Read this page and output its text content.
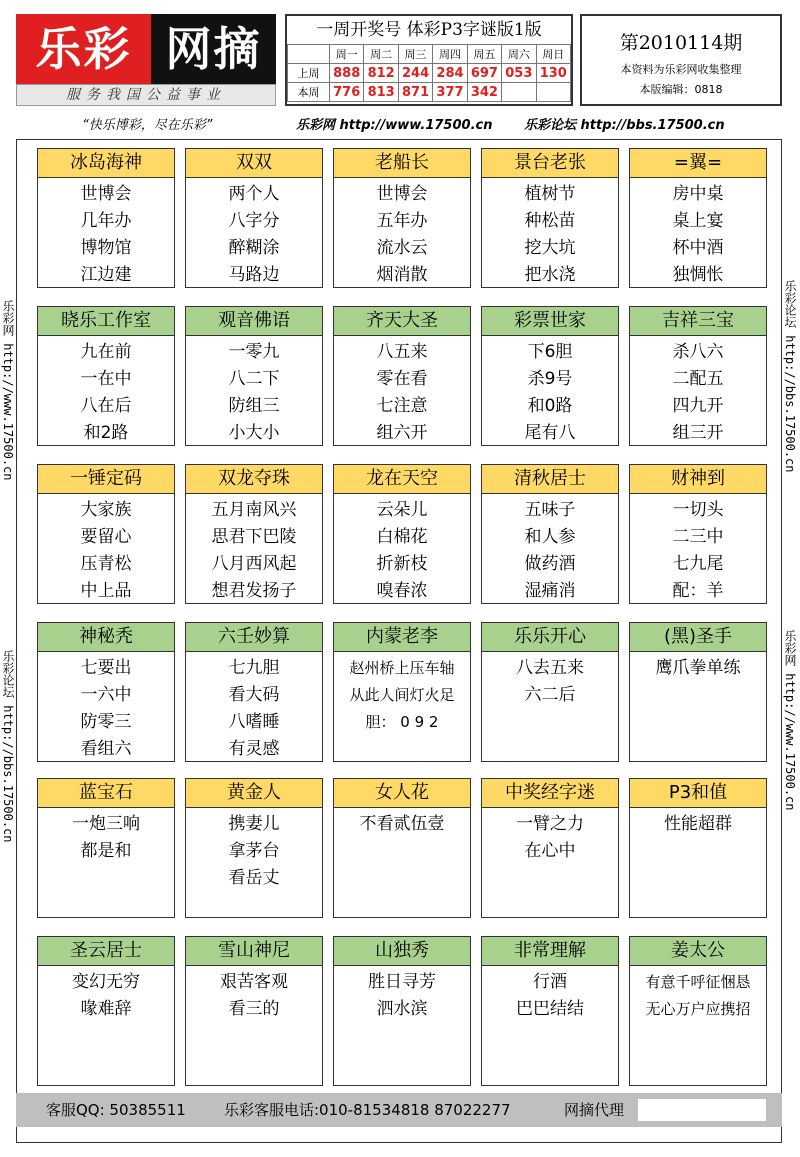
乐彩 网摘
服务我国公益事业
一周开奖号 体彩P3字谜版1版
	周一	周二	周三	周四	周五	周六	周日
上周	888	812	244	284	697	053	130
本周	776	813	871	377	342		
第2010114期
本资料为乐彩网收集整理
本版编辑：0818
“快乐博彩，尽在乐彩”	乐彩网 http://www.17500.cn 乐彩论坛 http://bbs.17500.cn
乐彩网 http://www.17500.cn
乐彩论坛 http://bbs.17500.cn
乐彩论坛 http://bbs.17500.cn
乐彩网 http://www.17500.cn
冰岛海神
世博会
几年办
博物馆
江边建
双双
两个人
八字分
醉糊涂
马路边
老船长
世博会
五年办
流水云
烟消散
景台老张
植树节
种松苗
挖大坑
把水浇
=翼=
房中桌
桌上宴
杯中酒
独惆怅
晓乐工作室
九在前
一在中
八在后
和2路
观音佛语
一零九
八二下
防组三
小大小
齐天大圣
八五来
零在看
七注意
组六开
彩票世家
下6胆
杀9号
和0路
尾有八
吉祥三宝
杀八六
二配五
四九开
组三开
一锤定码
大家族
要留心
压青松
中上品
双龙夺珠
五月南风兴
思君下巴陵
八月西风起
想君发扬子
龙在天空
云朵儿
白棉花
折新枝
嗅春浓
清秋居士
五味子
和人参
做药酒
湿痛消
财神到
一切头
二三中
七九尾
配：羊
神秘秃
七要出
一六中
防零三
看组六
六壬妙算
七九胆
看大码
八嗜睡
有灵感
内蒙老李
赵州桥上压车轴
从此人间灯火足
胆： 0 9 2
乐乐开心
八去五来
六二后
(黑)圣手
鹰爪拳单练
蓝宝石
一炮三响
都是和
黄金人
携妻儿
拿茅台
看岳丈
女人花
不看贰伍壹
中奖经字迷
一臂之力
在心中
P3和值
性能超群
圣云居士
变幻无穷
喙难辞
雪山神尼
艰苦客观
看三的
山独秀
胜日寻芳
泗水滨
非常理解
行酒
巴巴结结
姜太公
有意千呼征悃恳
无心万户应携招
客服QQ: 50385511	乐彩客服电话:010-81534818 87022277	网摘代理
